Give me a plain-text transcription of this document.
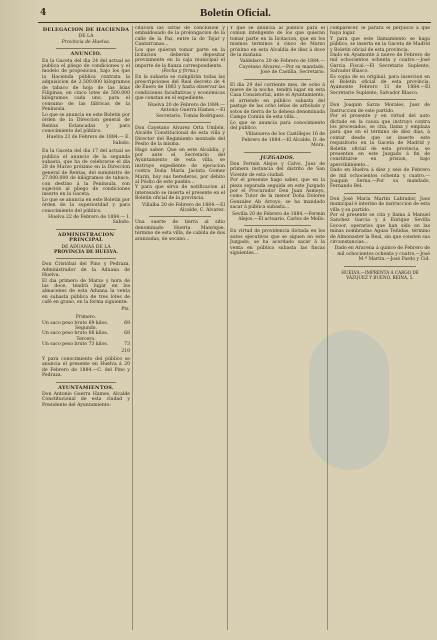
4	Boletin Oficial.
DELEGACION DE HACIENDA
DE LA
Provincia de Huelva.
ANUNCIO.

En la Gaceta del dia 24 del actual se publica el pliego de condiciones y el modelo de proposicion, bajo los que la Hacienda pública contrata la adquisicion de 2.500.000 kilogramos de tabaco de hoja de las Islas Filipinas, en cinco lotes de 500.000 kilógramos cada uno, para el consumo de las fábricas de la Península.

Lo que se anuncia en este Boletin por órden de la Direccion general de Rentas Estancadas y para conocimiento del público.

Huelva 23 de Febrero de 1884.— E. Sabido.

En la Gaceta del dia 17 del actual se publica el anuncio de la segunda subasta, que ha de celebrarse el dia 28 de Marzo próximo en la Direccion general de Rentas, del suministro de 27.000.000 de kilógramos de tabaco, con destino á la Península, con sujecion al pliego de condiciones inserto en la Gaceta.

Lo que se anuncia en este Boletin por órden de la superioridad y para conocimiento del público.

Huelva 22 de Febrero de 1884.— I. Sabido.
ADMINISTRACION PRINCIPAL
DE ADUANAS DE LA
PROVINCIA DE HUELVA.

Don Cristóbal del Pino y Pedraza, Administrador de la Aduana de Huelva.

El dia primero de Marzo y hora de las doce, tendrá lugar en los almacenes de esta Aduana la venta en subasta pública de tres lotes de café en grano, en la forma siguiente:

Pts.
Primero.
Un saco peso bruto 69 kilos.	69
Segundo.
Un saco peso bruto 68 kilos.	68
Tercero.
Un saco peso bruto 73 kilos.	73
210

Y para conocimiento del público se anuncia el presente en Huelva á 20 de Febrero de 1884.—C. del Pino y Pedraza.

AYUNTAMIENTOS.

Don Antonio Guerra Hames, Alcalde Constitucional de esta ciudad y Presidente del Ayuntamiento:

citacion las obras de conclusion y embaldosado de la prolongacion de la calle de la Paz, entre la de Tejar y Cantarranas...

Los que quieran tomar parte en la licitacion deberán depositar previamente en la caja municipal el importe de la fianza correspondiente.

(Fecha y firma.)

En la subasta se cumplirán todas las prescripciones del Real decreto de 4 de Enero de 1883 y hasta observar las condiciones facultativas y económicas que constan en el expediente.

Huelva 20 de Febrero de 1884.—Antonio Guerra Hames.—El Secretario, Tomás Rodriguez.

Don Cayetano Alvarez Orta Umbón, Alcalde Constitucional de esta villa y Director del Regimiento montado del Pesito de la misma.

Hago saber: Que en este Alcaldía, y por ante el Secretario del Ayuntamiento de esta villa, se instruye expediente de ejecucion contra Doña María Jacinta Gomez Marin, hoy sus herederos, por débito al Pósito de este pueblo...

Y para que sirva de notificacion al interesado se inserta el presente en el Boletin oficial de la provincia.

Villalba 20 de Febrero de 1884.—El Alcalde, C. Alvarez.

Una suerte de tierra al sitio denominado Huerta Manrique, término de esta villa, de cabida de dos aranzadas, de secano...

Y que se anuncia al público para el comun inteligente de los que quieran tomar parte en la licitacion, que en los mismos terminos á cinco de Marzo próximo en esta Alcaldía de diez á doce de la mañana.

Valdelarco 20 de Febrero de 1884.—Cayetano Alvarez.—Por su mandado, José de Castilla, Secretario.

El dia 29 del corriente mes, de ocho á nueve de la noche, tendrá lugar en esta Casa Consistorial, ante el Ayuntamiento, el arriendo en público subasta del pastaje de las ocho leñas de arbolado y sotos de tierra de la dehesa denominada Campo Común de esta villa...

Lo que se anuncia para conocimiento del público.

Villanueva de los Castillejos 16 de Febrero de 1884.—El Alcalde, D. de Mora.
JUZGADOS.

Don Fermin Alejos y Calvo, Juez de primera instancia del distrito de San Vicente de esta ciudad.

Por el presente hago saber, que en la pieza separada seguida en este Juzgado por el Procurador Don Juan Asmeys, como Tutor de la menor Doña Dolores Gonzalez Ab Arroyo, se ha mandado sacar á pública subasta...

Sevilla 20 de Febrero de 1884.—Fermin Alejos.—El actuario, Carlos de Mello.

En virtud de providencia dictada en los autos ejecutivos que se siguen en este Juzgado, se ha acordado sacar á la venta en pública subasta las fincas siguientes...

comparecer, le parará el perjuicio á que haya lugar.

Y para que este llamamiento se haga público, se inserta en la Gaceta de Madrid y Boletin oficial de esta provincia.

Dado en Ayamonte á nueve de Febrero de mil ochocientos ochenta y cuatro.—José Garcia Fiscal.—El Secretario Suplente, Salvador Blasco.

Es copia de su original, para insercion en el Boletin oficial de esta provincia. Ayamonte Febrero 11 de 1884.—El Secretario Suplente, Salvador Blasco.

Don Joaquin Sarza Morales, Juez de Instruccion de este partido.

Por el presente y en virtud del auto dictado en la causa que instruyo contra los procesados, se cita, llama y emplaza para que en el término de diez dias, á contar desde que se inserte este requisitorio en la Gaceta de Madrid y Boletin oficial de esta provincia, se presenten en este Juzgado á fin de constituirse en prision, bajo apercibimiento...

Dado en Huelva á diez y seis de Febrero de mil ochocientos ochenta y cuatro.—Joaquin Serna.—Por su mandado, Fernando Bel.

Don José María Martin Labrador, Juez municipal é interino de instruccion de esta villa y su partido.

Por el presente se cita y llama á Manuel Sanchez Garcia y á Enrique Sevilla Lecoor, operarios que han sido en las minas nombradas Aguas Teñidas, término de Almonaster la Real, sin que consten sus circunstancias...

Dado en Aracena á quince de Febrero de mil ochocientos ochenta y cuatro.—José M.ª Martin.—José Pardo y Cid.
HUELVA.—IMPRENTA Á CARGO DE VÁZQUEZ Y BUENO, REINA, 5.
